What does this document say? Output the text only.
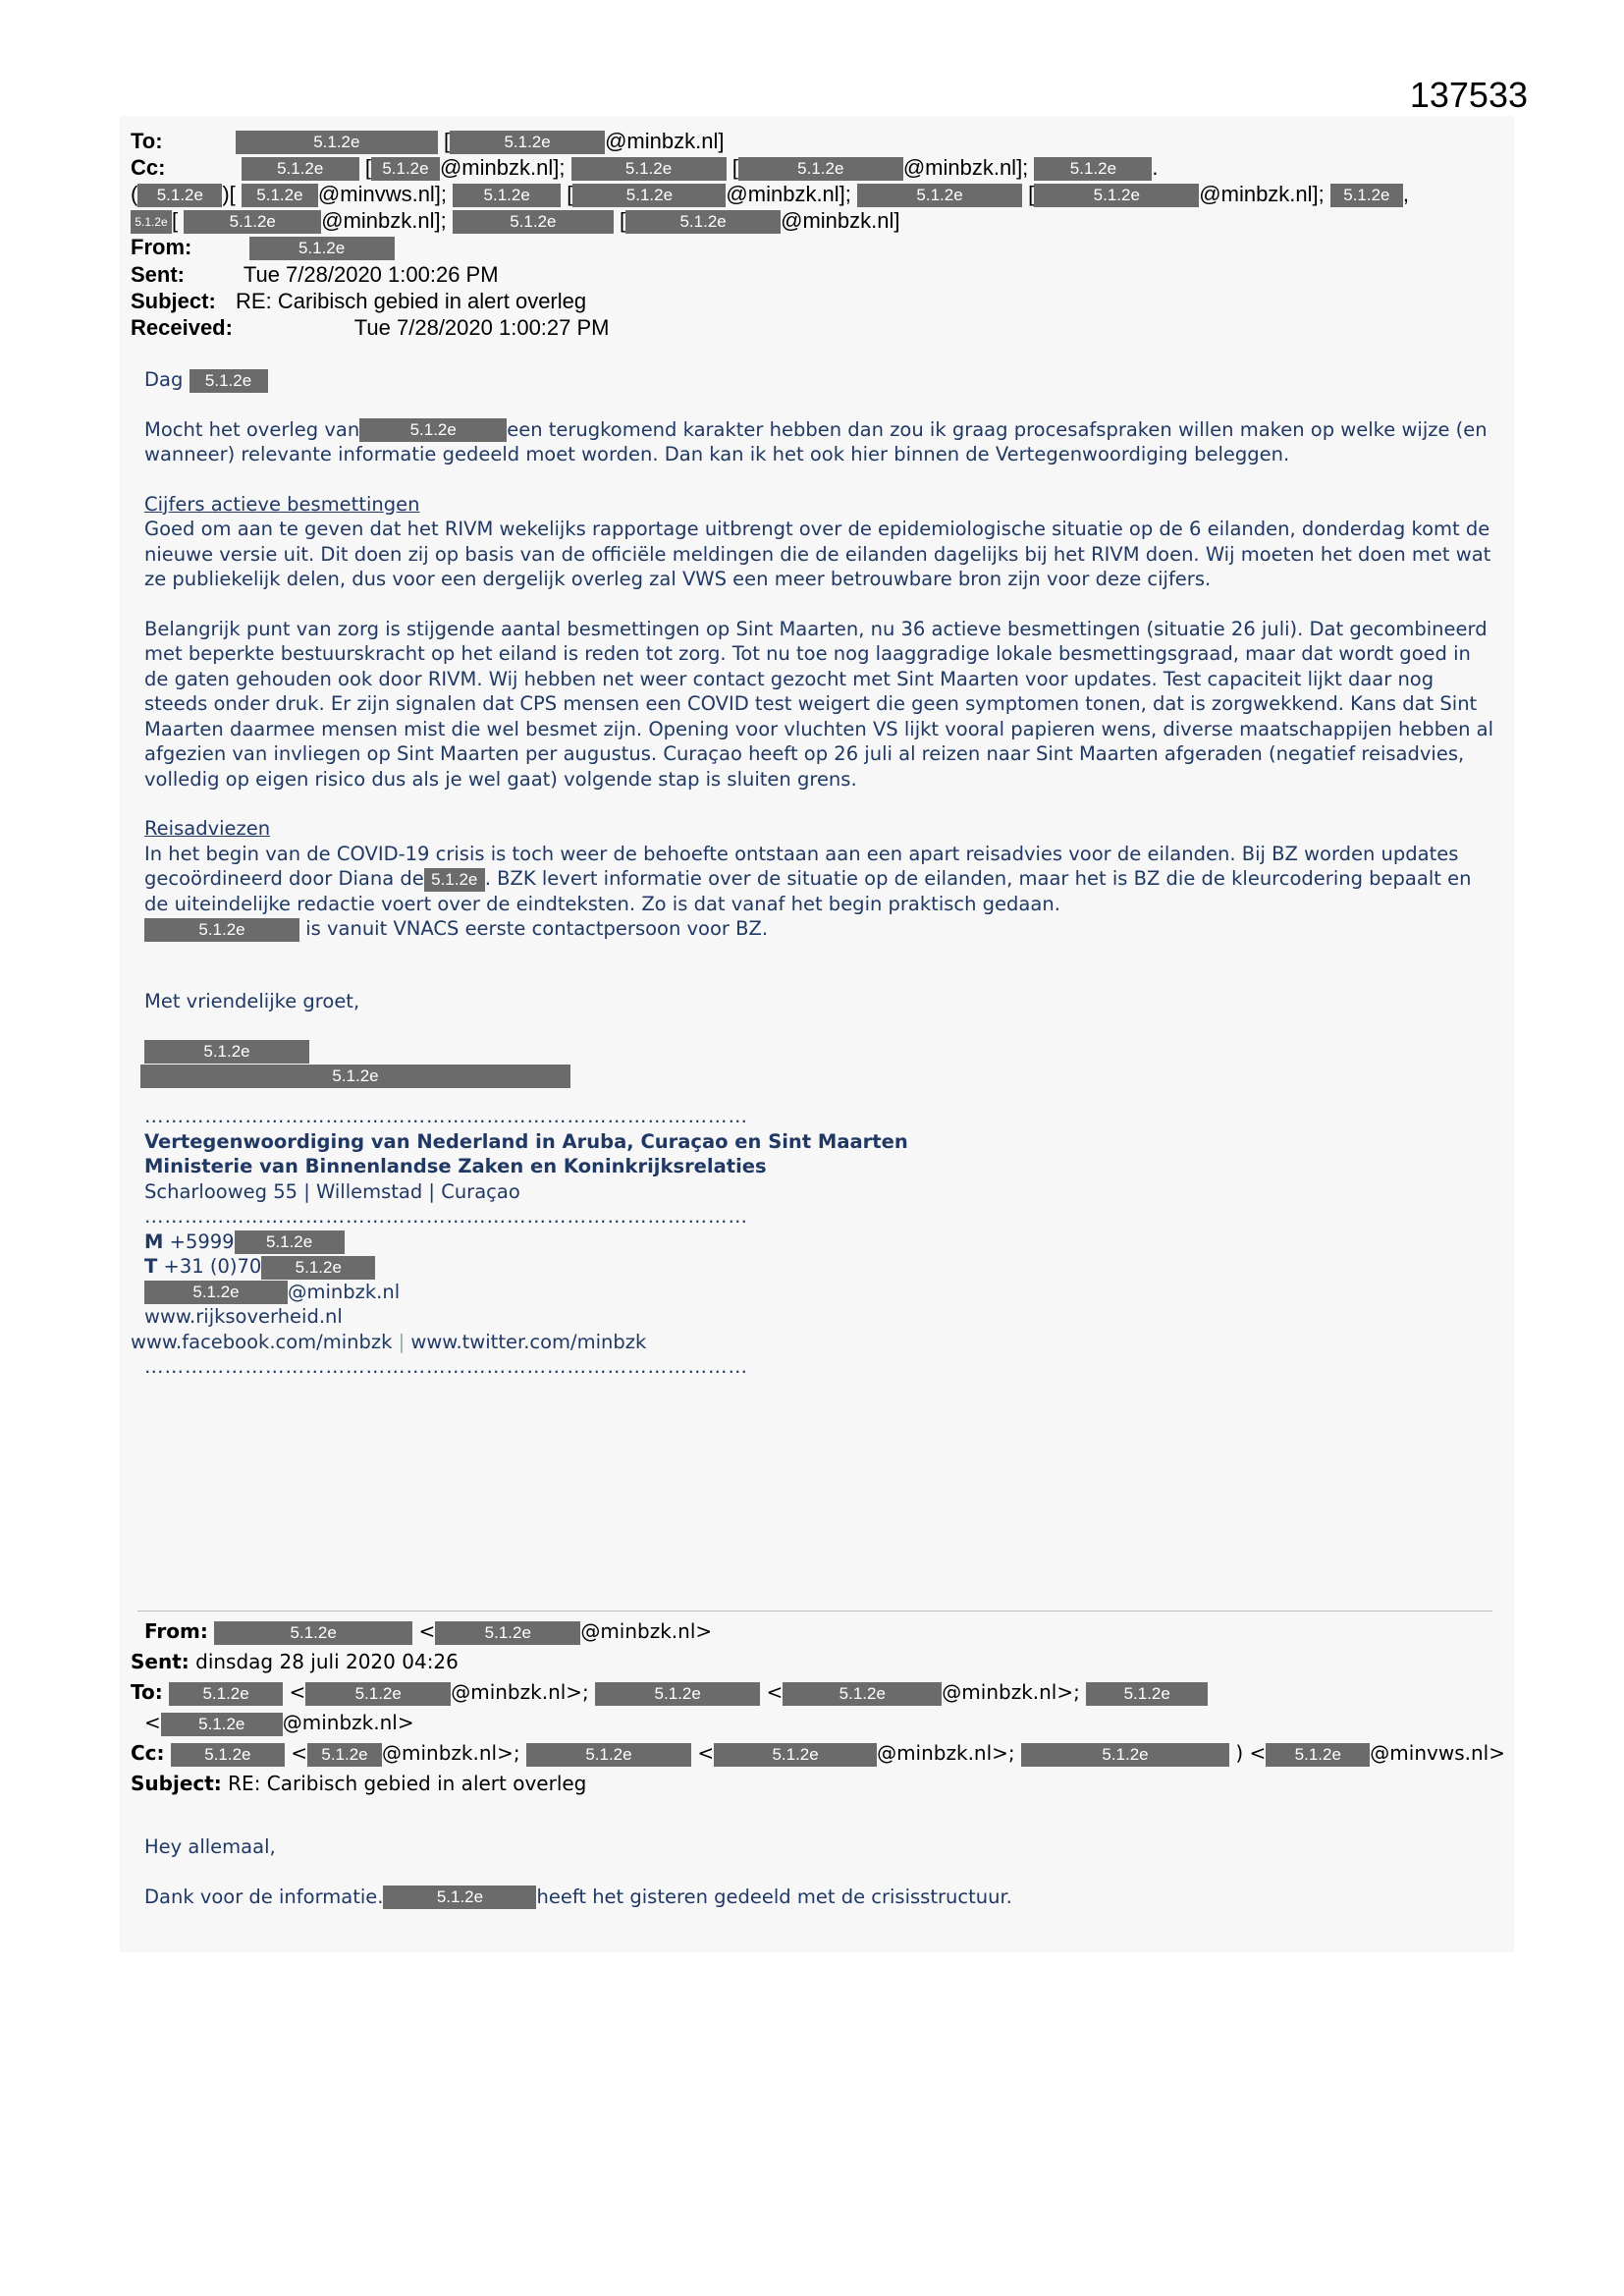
137533
To:	5.1.2e	[	5.1.2e	@minbzk.nl]
Cc:	5.1.2e [ 5.1.2e @minbzk.nl];	5.1.2e	[	5.1.2e	@minbzk.nl]; 5.1.2e .
( 5.1.2e )[ 5.1.2e @minvws.nl]; 5.1.2e [	5.1.2e @minbzk.nl];	5.1.2e	[	5.1.2e	@minbzk.nl]; 5.1.2e ,
5.1.2e [	5.1.2e @minbzk.nl];	5.1.2e	[	5.1.2e	@minbzk.nl]
From:	5.1.2e
Sent:	Tue 7/28/2020 1:00:26 PM
Subject: RE: Caribisch gebied in alert overleg
Received:	Tue 7/28/2020 1:00:27 PM

Dag 5.1.2e

Mocht het overleg van	5.1.2e	een terugkomend karakter hebben dan zou ik graag procesafspraken willen maken op welke wijze (en wanneer) relevante informatie gedeeld moet worden. Dan kan ik het ook hier binnen de Vertegenwoordiging beleggen.

Cijfers actieve besmettingen

Goed om aan te geven dat het RIVM wekelijks rapportage uitbrengt over de epidemiologische situatie op de 6 eilanden, donderdag komt de nieuwe versie uit. Dit doen zij op basis van de officiële meldingen die de eilanden dagelijks bij het RIVM doen. Wij moeten het doen met wat ze publiekelijk delen, dus voor een dergelijk overleg zal VWS een meer betrouwbare bron zijn voor deze cijfers.

Belangrijk punt van zorg is stijgende aantal besmettingen op Sint Maarten, nu 36 actieve besmettingen (situatie 26 juli). Dat gecombineerd met beperkte bestuurskracht op het eiland is reden tot zorg. Tot nu toe nog laaggradige lokale besmettingsgraad, maar dat wordt goed in de gaten gehouden ook door RIVM. Wij hebben net weer contact gezocht met Sint Maarten voor updates. Test capaciteit lijkt daar nog steeds onder druk. Er zijn signalen dat CPS mensen een COVID test weigert die geen symptomen tonen, dat is zorgwekkend. Kans dat Sint Maarten daarmee mensen mist die wel besmet zijn. Opening voor vluchten VS lijkt vooral papieren wens, diverse maatschappijen hebben al afgezien van invliegen op Sint Maarten per augustus. Curaçao heeft op 26 juli al reizen naar Sint Maarten afgeraden (negatief reisadvies, volledig op eigen risico dus als je wel gaat) volgende stap is sluiten grens.

Reisadviezen

In het begin van de COVID-19 crisis is toch weer de behoefte ontstaan aan een apart reisadvies voor de eilanden. Bij BZ worden updates gecoördineerd door Diana de 5.1.2e . BZK levert informatie over de situatie op de eilanden, maar het is BZ die de kleurcodering bepaalt en de uiteindelijke redactie voert over de eindteksten. Zo is dat vanaf het begin praktisch gedaan.
5.1.2e	is vanuit VNACS eerste contactpersoon voor BZ.

Met vriendelijke groet,

5.1.2e
5.1.2e
………………………………………………………………………………
Vertegenwoordiging van Nederland in Aruba, Curaçao en Sint Maarten
Ministerie van Binnenlandse Zaken en Koninkrijksrelaties
Scharlooweg 55 | Willemstad | Curaçao
………………………………………………………………………………
M +5999 5.1.2e
T +31 (0)70 5.1.2e
5.1.2e	@minbzk.nl
www.rijksoverheid.nl
www.facebook.com/minbzk | www.twitter.com/minbzk
………………………………………………………………………………
From:	5.1.2e	<	5.1.2e	@minbzk.nl>
Sent: dinsdag 28 juli 2020 04:26
To: 5.1.2e <	5.1.2e	@minbzk.nl>;	5.1.2e	<	5.1.2e	@minbzk.nl>;	5.1.2e
< 5.1.2e @minbzk.nl>
Cc: 5.1.2e < 5.1.2e @minbzk.nl>;	5.1.2e	<	5.1.2e	@minbzk.nl>;	5.1.2e	) < 5.1.2e @minvws.nl>
Subject: RE: Caribisch gebied in alert overleg

Hey allemaal,

Dank voor de informatie.	5.1.2e	heeft het gisteren gedeeld met de crisisstructuur.
